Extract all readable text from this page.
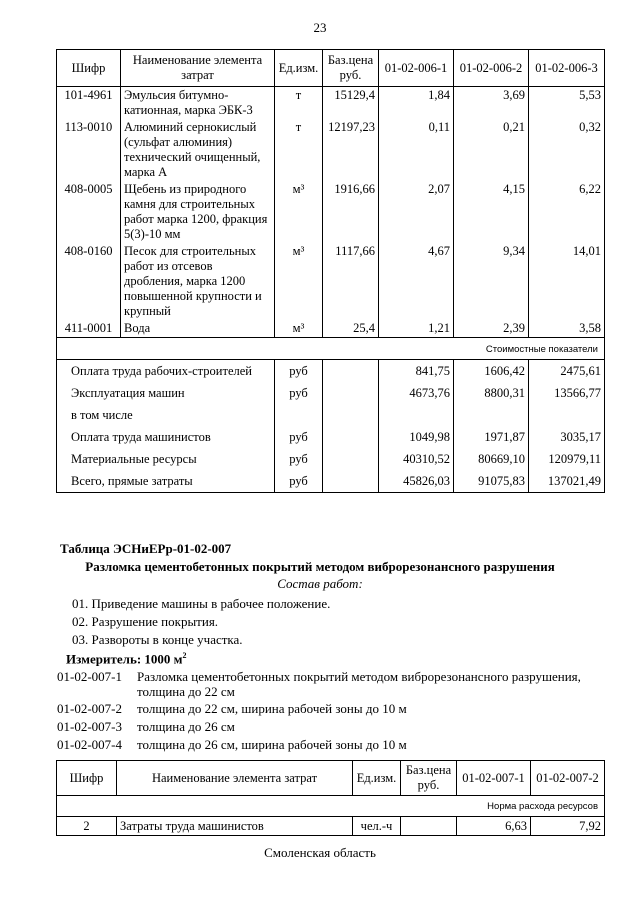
23
Шифр	Наименование элемента затрат	Ед.изм.	Баз.цена руб.	01-02-006-1	01-02-006-2	01-02-006-3
101-4961	Эмульсия битумно-катионная, марка ЭБК-3	т	15129,4	1,84	3,69	5,53
113-0010	Алюминий сернокислый (сульфат алюминия) технический очищенный, марка А	т	12197,23	0,11	0,21	0,32
408-0005	Щебень из природного камня для строительных работ марка 1200, фракция 5(3)-10 мм	м³	1916,66	2,07	4,15	6,22
408-0160	Песок для строительных работ из отсевов дробления, марка 1200 повышенной крупности и крупный	м³	1117,66	4,67	9,34	14,01
411-0001	Вода	м³	25,4	1,21	2,39	3,58
Стоимостные показатели						
Оплата труда рабочих-строителей		руб		841,75	1606,42	2475,61
Эксплуатация машин		руб		4673,76	8800,31	13566,77
в том числе						
Оплата труда машинистов		руб		1049,98	1971,87	3035,17
Материальные ресурсы		руб		40310,52	80669,10	120979,11
Всего, прямые затраты		руб		45826,03	91075,83	137021,49
Таблица ЭСНиЕРр-01-02-007
Разломка цементобетонных покрытий методом виброрезонансного разрушения
Состав работ:
01. Приведение машины в рабочее положение.
02. Разрушение покрытия.
03. Развороты в конце участка.
Измеритель: 1000 $м^2$
01-02-007-1 Разломка цементобетонных покрытий методом виброрезонансного разрушения,
толщина до 22 см
01-02-007-2 толщина до 22 см, ширина рабочей зоны до 10 м
01-02-007-3 толщина до 26 см
01-02-007-4 толщина до 26 см, ширина рабочей зоны до 10 м
Шифр	Наименование элемента затрат	Ед.изм.	Баз.цена руб.	01-02-007-1	01-02-007-2
Норма расхода ресурсов					
2	Затраты труда машинистов	чел.-ч		6,63	7,92
Смоленская область
